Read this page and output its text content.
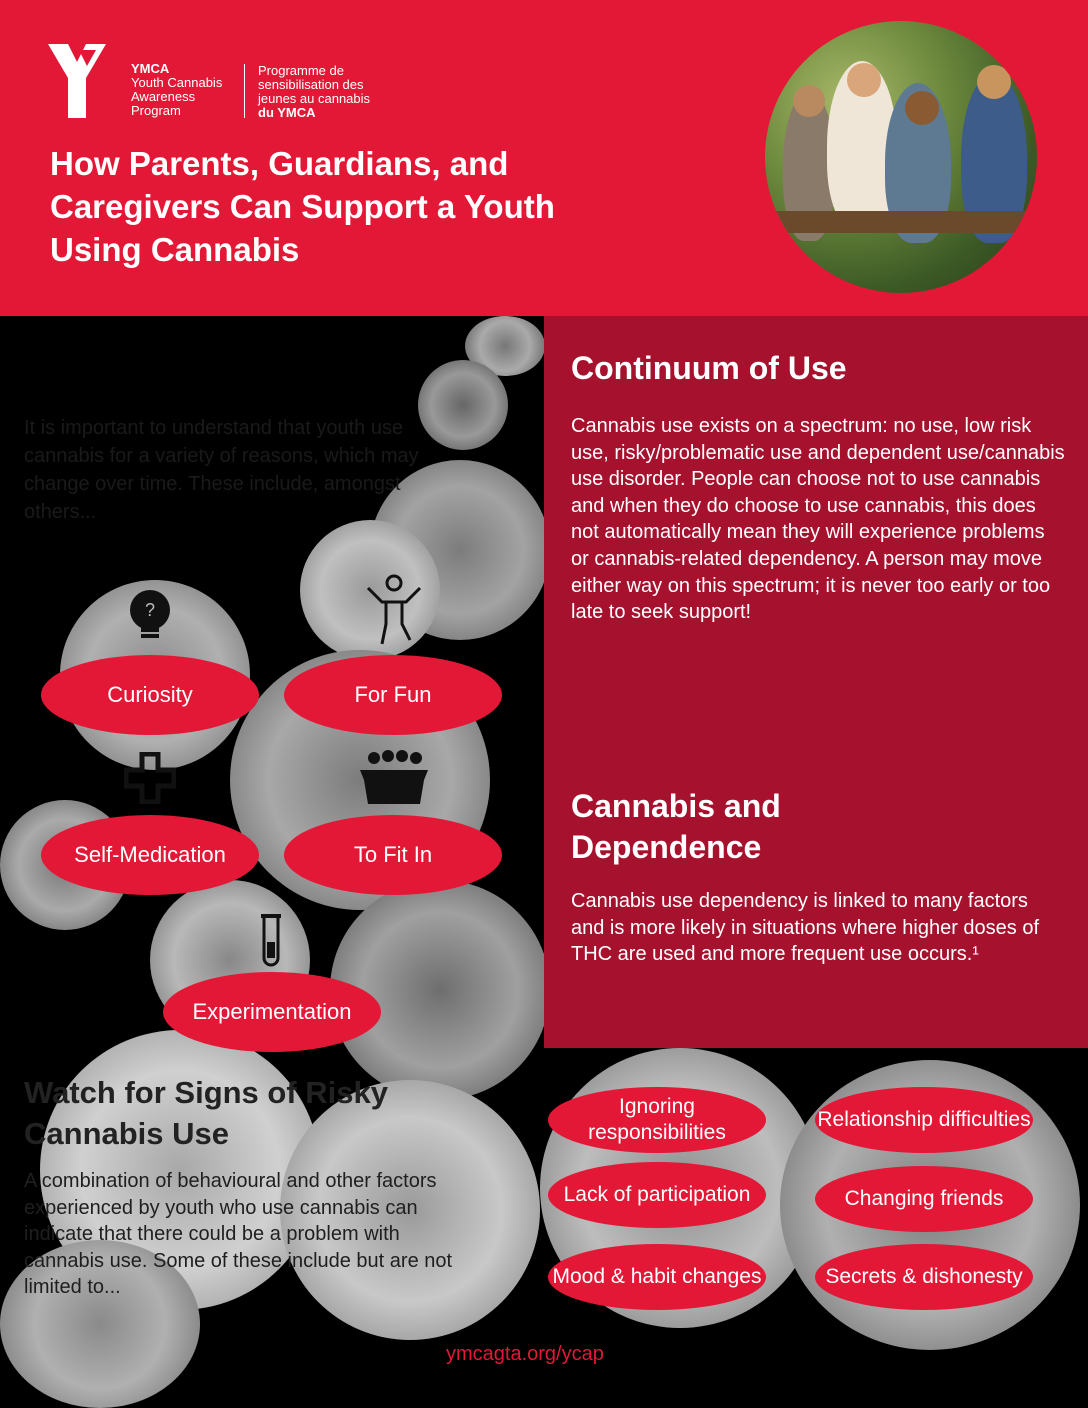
YMCA
Youth Cannabis
Awareness
Program
Programme de
sensibilisation des
jeunes au cannabis
du YMCA
How Parents, Guardians, and Caregivers Can Support a Youth Using Cannabis
Continuum of Use
Cannabis use exists on a spectrum: no use, low risk use, risky/problematic use and dependent use/cannabis use disorder. People can choose not to use cannabis and when they do choose to use cannabis, this does not automatically mean they will experience problems or cannabis-related dependency. A person may move either way on this spectrum; it is never too early or too late to seek support!
Cannabis and Dependence
Cannabis use dependency is linked to many factors and is more likely in situations where higher doses of THC are used and more frequent use occurs.¹
It is important to understand that youth use cannabis for a variety of reasons, which may change over time. These include, amongst others...
?
Curiosity	For Fun
Self-Medication	To Fit In
Experimentation
Watch for Signs of Risky Cannabis Use
A combination of behavioural and other factors experienced by youth who use cannabis can indicate that there could be a problem with cannabis use. Some of these include but are not limited to...
Ignoring responsibilities
Relationship difficulties
Lack of participation	Changing friends
Mood & habit changes	Secrets & dishonesty
ymcagta.org/ycap
